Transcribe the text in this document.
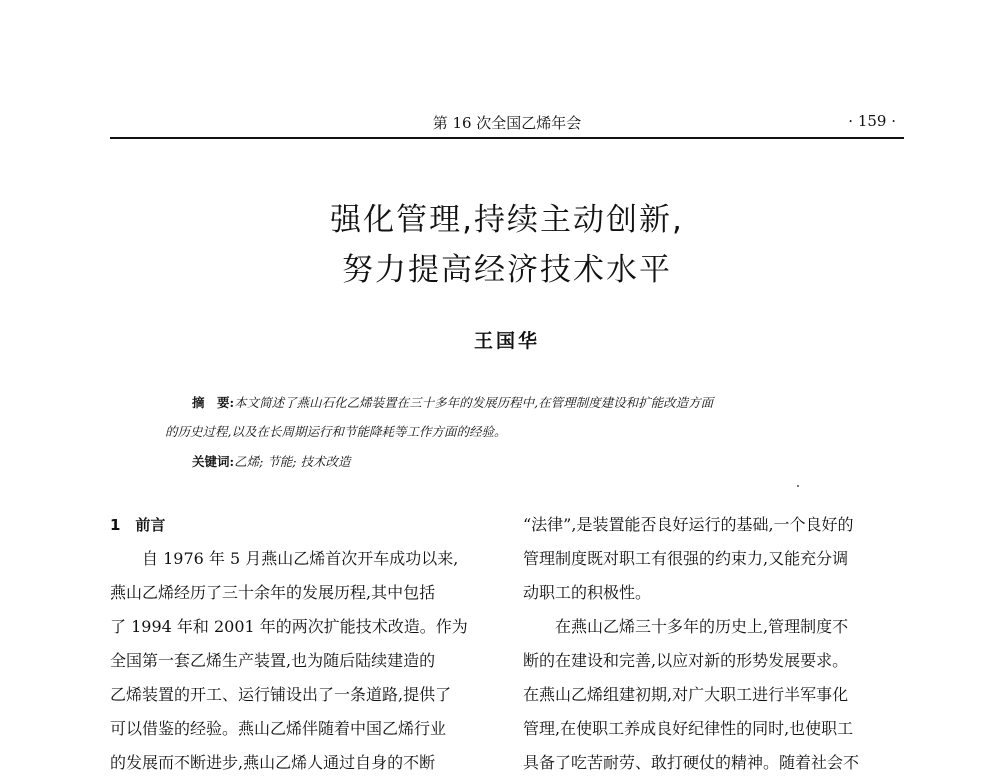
第 16 次全国乙烯年会	· 159 ·
强化管理,持续主动创新,
努力提高经济技术水平
王国华
摘　要:本文简述了燕山石化乙烯装置在三十多年的发展历程中,在管理制度建设和扩能改造方面
的历史过程,以及在长周期运行和节能降耗等工作方面的经验。
关键词:乙烯; 节能; 技术改造
1　前言
自 1976 年 5 月燕山乙烯首次开车成功以来,
燕山乙烯经历了三十余年的发展历程,其中包括
了 1994 年和 2001 年的两次扩能技术改造。作为
全国第一套乙烯生产装置,也为随后陆续建造的
乙烯装置的开工、运行铺设出了一条道路,提供了
可以借鉴的经验。燕山乙烯伴随着中国乙烯行业
的发展而不断进步,燕山乙烯人通过自身的不断
“法律”,是装置能否良好运行的基础,一个良好的
管理制度既对职工有很强的约束力,又能充分调
动职工的积极性。
在燕山乙烯三十多年的历史上,管理制度不
断的在建设和完善,以应对新的形势发展要求。
在燕山乙烯组建初期,对广大职工进行半军事化
管理,在使职工养成良好纪律性的同时,也使职工
具备了吃苦耐劳、敢打硬仗的精神。随着社会不
